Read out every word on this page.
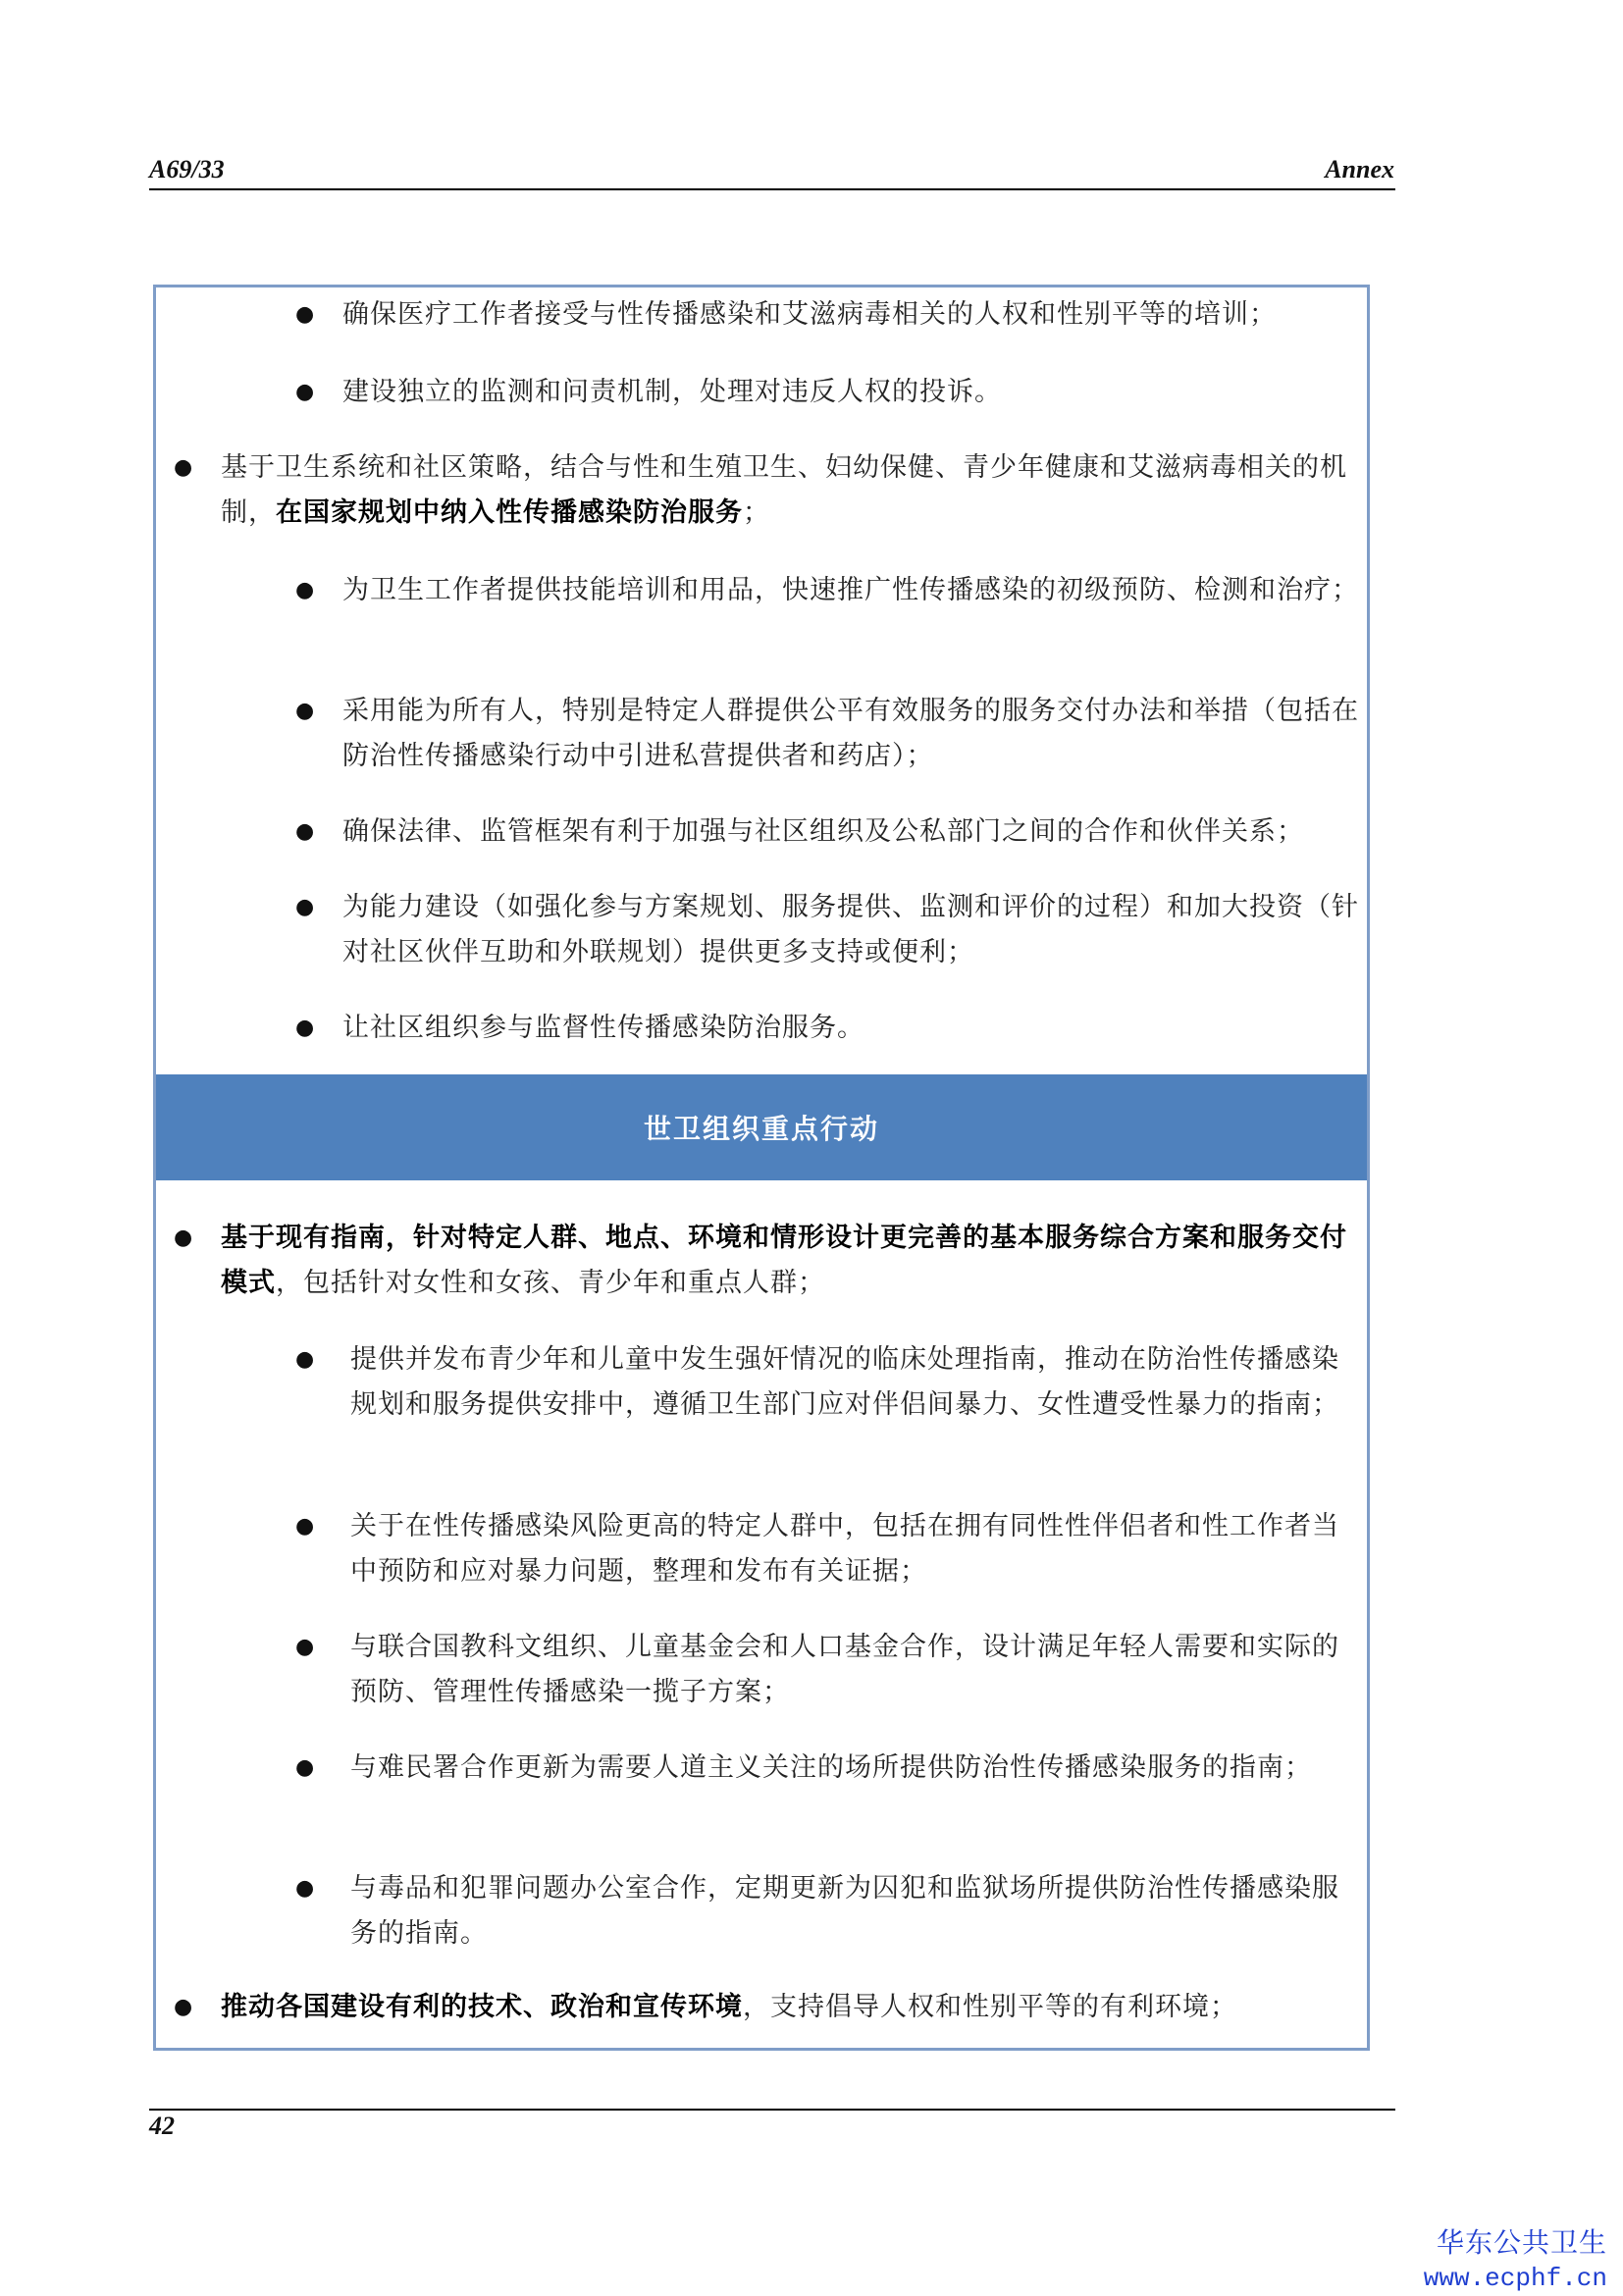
A69/33	Annex
● 确保医疗工作者接受与性传播感染和艾滋病毒相关的人权和性别平等的培训；
● 建设独立的监测和问责机制，处理对违反人权的投诉。
● 基于卫生系统和社区策略，结合与性和生殖卫生、妇幼保健、青少年健康和艾滋病毒相关的机制，在国家规划中纳入性传播感染防治服务；
● 为卫生工作者提供技能培训和用品，快速推广性传播感染的初级预防、检测和治疗；
● 采用能为所有人，特别是特定人群提供公平有效服务的服务交付办法和举措（包括在防治性传播感染行动中引进私营提供者和药店）；
● 确保法律、监管框架有利于加强与社区组织及公私部门之间的合作和伙伴关系；
● 为能力建设（如强化参与方案规划、服务提供、监测和评价的过程）和加大投资（针对社区伙伴互助和外联规划）提供更多支持或便利；
● 让社区组织参与监督性传播感染防治服务。
世卫组织重点行动
● 基于现有指南，针对特定人群、地点、环境和情形设计更完善的基本服务综合方案和服务交付模式，包括针对女性和女孩、青少年和重点人群；
● 提供并发布青少年和儿童中发生强奸情况的临床处理指南，推动在防治性传播感染规划和服务提供安排中，遵循卫生部门应对伴侣间暴力、女性遭受性暴力的指南；
● 关于在性传播感染风险更高的特定人群中，包括在拥有同性性伴侣者和性工作者当中预防和应对暴力问题，整理和发布有关证据；
● 与联合国教科文组织、儿童基金会和人口基金合作，设计满足年轻人需要和实际的预防、管理性传播感染一揽子方案；
● 与难民署合作更新为需要人道主义关注的场所提供防治性传播感染服务的指南；
● 与毒品和犯罪问题办公室合作，定期更新为囚犯和监狱场所提供防治性传播感染服务的指南。
● 推动各国建设有利的技术、政治和宣传环境，支持倡导人权和性别平等的有利环境；
42
华东公共卫生
www.ecphf.cn
